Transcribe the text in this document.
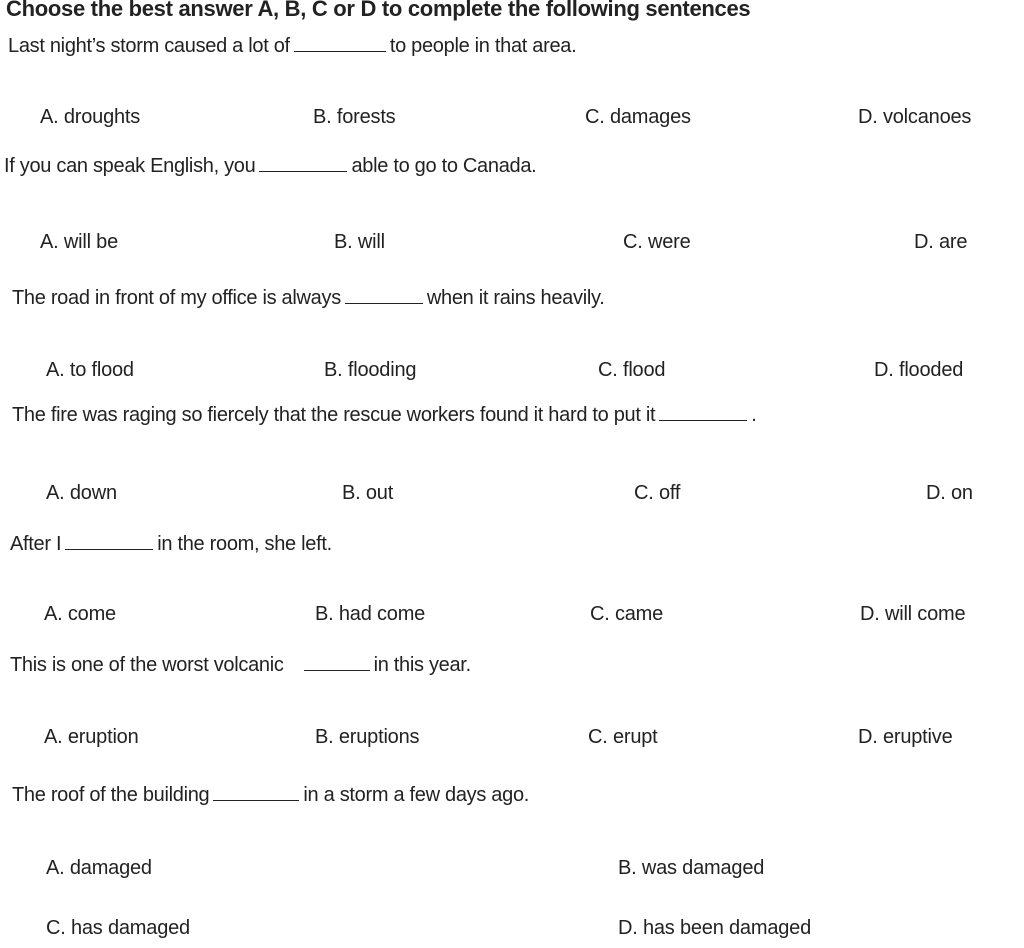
Choose the best answer A, B, C or D to complete the following sentences
Last night’s storm caused a lot of	to people in that area.
A. droughts	B. forests	C. damages	D. volcanoes
If you can speak English, you	able to go to Canada.
A. will be	B. will	C. were	D. are
The road in front of my office is always	when it rains heavily.
A. to flood	B. flooding	C. flood	D. flooded
The fire was raging so fiercely that the rescue workers found it hard to put it	.
A. down	B. out	C. off	D. on
After I	in the room, she left.
A. come	B. had come	C. came	D. will come
This is one of the worst volcanic	in this year.
A. eruption	B. eruptions	C. erupt	D. eruptive
The roof of the building	in a storm a few days ago.
A. damaged	B. was damaged
C. has damaged	D. has been damaged
